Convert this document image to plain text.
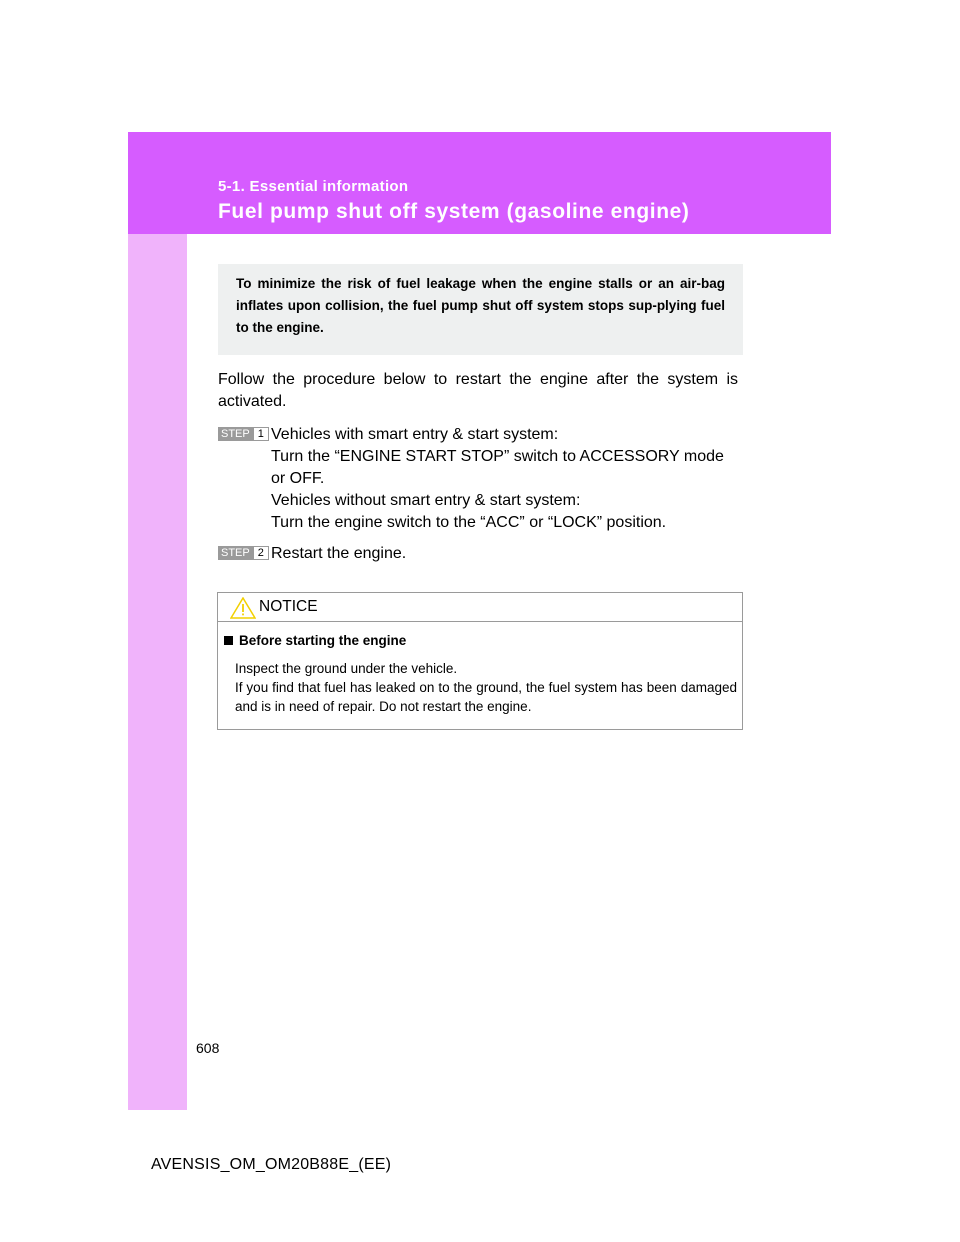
5-1. Essential information
Fuel pump shut off system (gasoline engine)

To minimize the risk of fuel leakage when the engine stalls or an air-bag inflates upon collision, the fuel pump shut off system stops sup-plying fuel to the engine.

Follow the procedure below to restart the engine after the system is activated.

STEP 1 Vehicles with smart entry & start system:
Turn the “ENGINE START STOP” switch to ACCESSORY mode or OFF.
Vehicles without smart entry & start system:
Turn the engine switch to the “ACC” or “LOCK” position.
STEP 2 Restart the engine.
NOTICE
Before starting the engine
Inspect the ground under the vehicle.
If you find that fuel has leaked on to the ground, the fuel system has been damaged and is in need of repair. Do not restart the engine.
608
AVENSIS_OM_OM20B88E_(EE)
